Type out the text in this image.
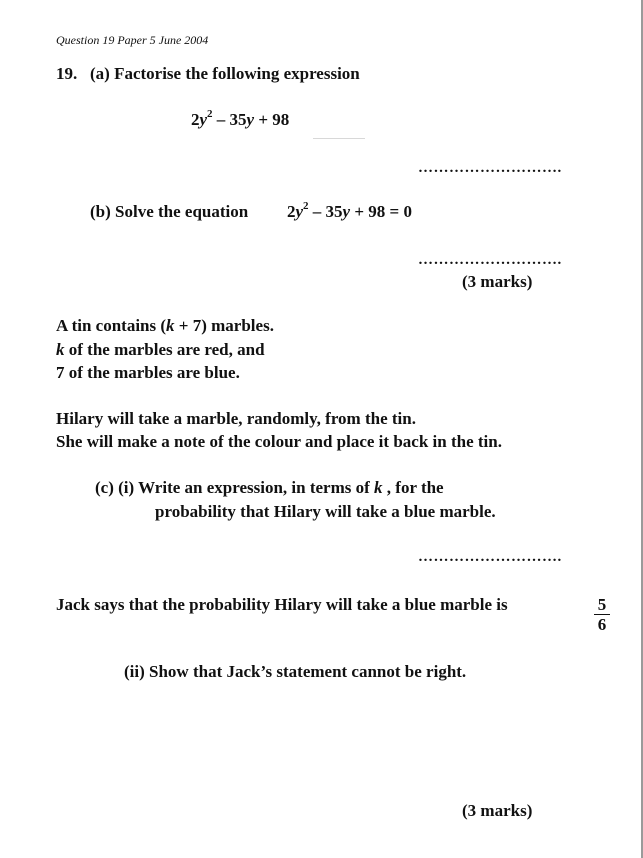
Question 19 Paper 5 June 2004
19. (a) Factorise the following expression
$2y^2 - 35y + 98$
……………………….
(b) Solve the equation $2y^2 - 35y + 98 = 0$
……………………….
(3 marks)
A tin contains (k + 7) marbles.
k of the marbles are red, and
7 of the marbles are blue.
Hilary will take a marble, randomly, from the tin.
She will make a note of the colour and place it back in the tin.
(c) (i) Write an expression, in terms of k , for the
probability that Hilary will take a blue marble.
……………………….
Jack says that the probability Hilary will take a blue marble is	$\frac{5}{6}$
(ii) Show that Jack’s statement cannot be right.
(3 marks)
